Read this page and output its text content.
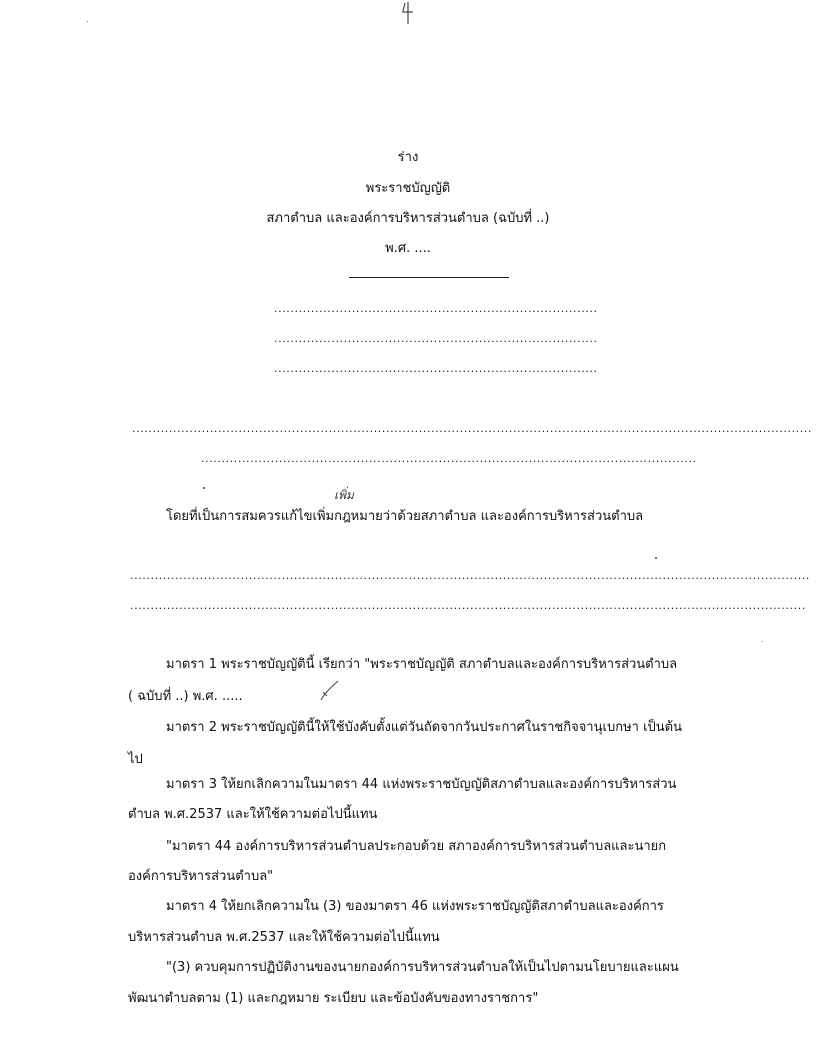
ร่าง
พระราชบัญญัติ
สภาตำบล และองค์การบริหารส่วนตำบล (ฉบับที่ ..)
พ.ศ. ....
...............................................................................
...............................................................................
...............................................................................
......................................................................................................................................................................
.........................................................................................................................
เพิ่ม
โดยที่เป็นการสมควรแก้ไขเพิ่มกฎหมายว่าด้วยสภาตำบล และองค์การบริหารส่วนตำบล
......................................................................................................................................................................
.....................................................................................................................................................................
มาตรา 1 พระราชบัญญัตินี้ เรียกว่า "พระราชบัญญัติ สภาตำบลและองค์การบริหารส่วนตำบล
( ฉบับที่ ..) พ.ศ. .....
มาตรา 2 พระราชบัญญัตินี้ให้ใช้บังคับตั้งแต่วันถัดจากวันประกาศในราชกิจจานุเบกษา เป็นต้น
ไป
มาตรา 3 ให้ยกเลิกความในมาตรา 44 แห่งพระราชบัญญัติสภาตำบลและองค์การบริหารส่วน
ตำบล พ.ศ.2537 และให้ใช้ความต่อไปนี้แทน
"มาตรา 44 องค์การบริหารส่วนตำบลประกอบด้วย สภาองค์การบริหารส่วนตำบลและนายก
องค์การบริหารส่วนตำบล"
มาตรา 4 ให้ยกเลิกความใน (3) ของมาตรา 46 แห่งพระราชบัญญัติสภาตำบลและองค์การ
บริหารส่วนตำบล พ.ศ.2537 และให้ใช้ความต่อไปนี้แทน
"(3) ควบคุมการปฏิบัติงานของนายกองค์การบริหารส่วนตำบลให้เป็นไปตามนโยบายและแผน
พัฒนาตำบลตาม (1) และกฎหมาย ระเบียบ และข้อบังคับของทางราชการ"
